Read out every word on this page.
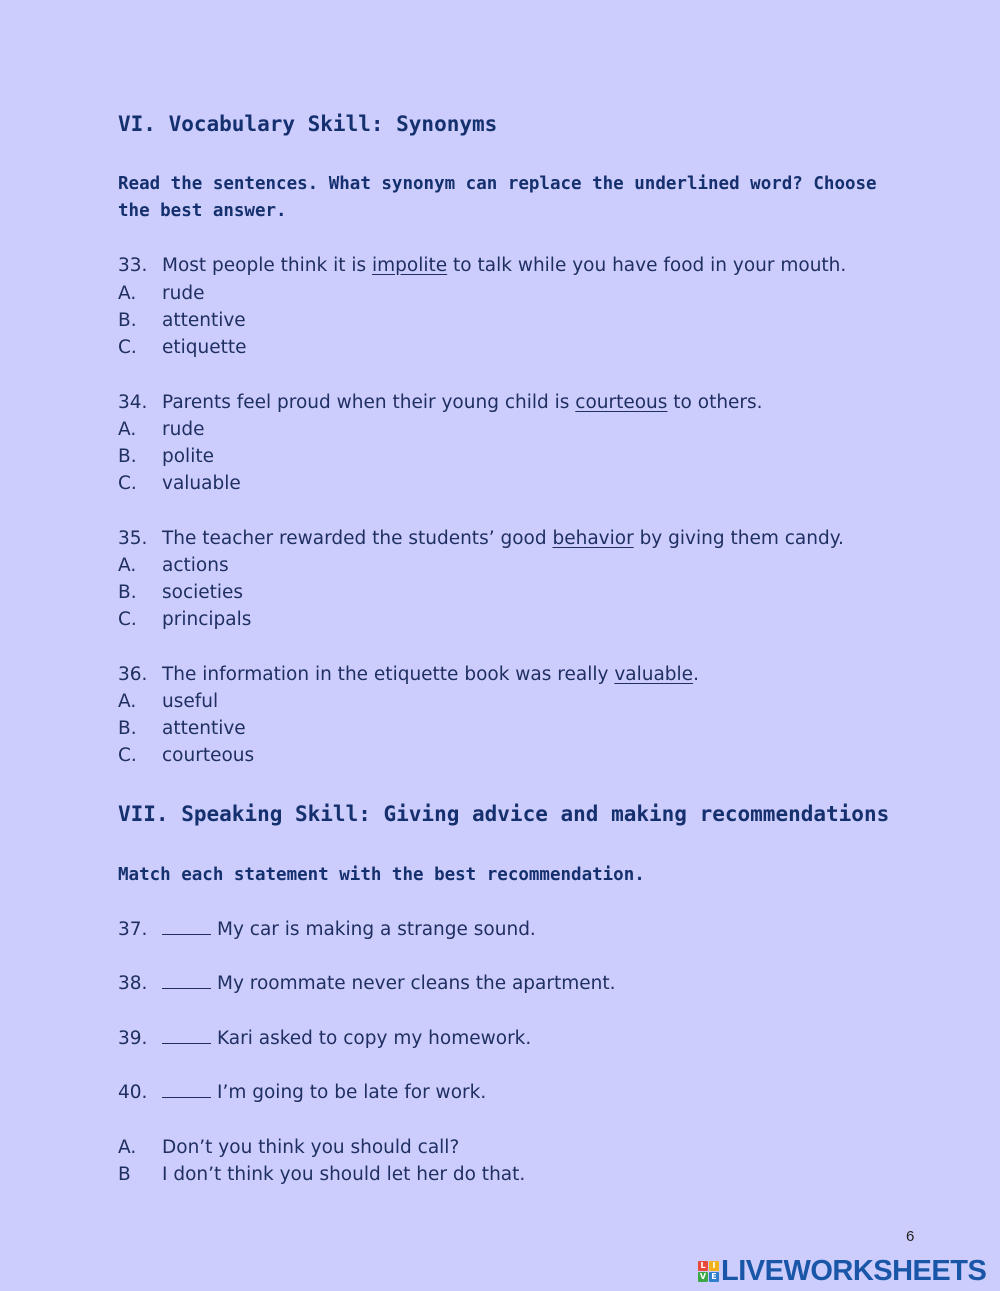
VI. Vocabulary Skill: Synonyms
Read the sentences. What synonym can replace the underlined word? Choose the best answer.
33. Most people think it is impolite to talk while you have food in your mouth.
A. rude
B. attentive
C. etiquette
34. Parents feel proud when their young child is courteous to others.
A. rude
B. polite
C. valuable
35. The teacher rewarded the students’ good behavior by giving them candy.
A. actions
B. societies
C. principals
36. The information in the etiquette book was really valuable.
A. useful
B. attentive
C. courteous
VII. Speaking Skill: Giving advice and making recommendations
Match each statement with the best recommendation.
37.	My car is making a strange sound.
38.	My roommate never cleans the apartment.
39.	Kari asked to copy my homework.
40.	I’m going to be late for work.
A. Don’t you think you should call?
B I don’t think you should let her do that.
6
L I
V E LIVEWORKSHEETS
